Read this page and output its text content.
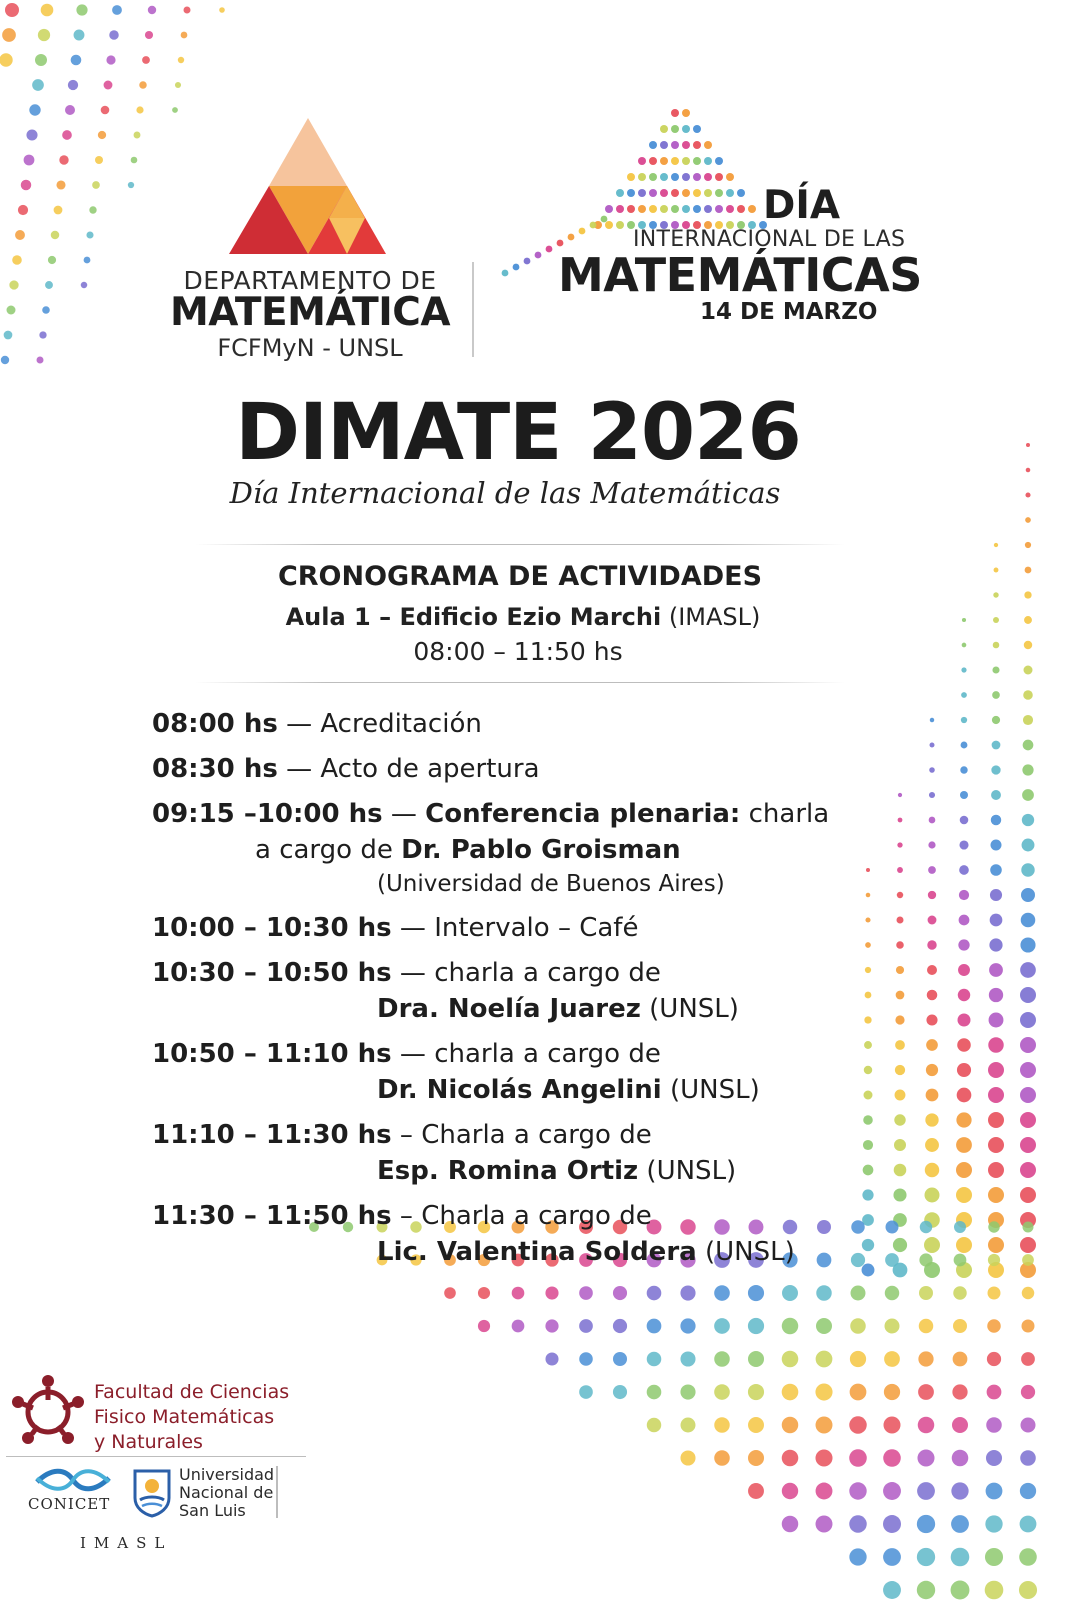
DEPARTAMENTO DE
MATEMÁTICA
FCFMyN - UNSL
DÍA
INTERNACIONAL DE LAS
MATEMÁTICAS
14 DE MARZO
DIMATE 2026
Día Internacional de las Matemáticas
CRONOGRAMA DE ACTIVIDADES
Aula 1 – Edificio Ezio Marchi (IMASL)
08:00 – 11:50 hs
08:00 hs — Acreditación
08:30 hs — Acto de apertura
09:15 –10:00 hs — Conferencia plenaria: charla
a cargo de Dr. Pablo Groisman
(Universidad de Buenos Aires)
10:00 – 10:30 hs — Intervalo – Café
10:30 – 10:50 hs — charla a cargo de
Dra. Noelía Juarez (UNSL)
10:50 – 11:10 hs — charla a cargo de
Dr. Nicolás Angelini (UNSL)
11:10 – 11:30 hs – Charla a cargo de
Esp. Romina Ortiz (UNSL)
11:30 – 11:50 hs – Charla a cargo de
Lic. Valentina Soldera (UNSL)
Facultad de Ciencias
Fisico Matemáticas
y Naturales
CONICET
Universidad
Nacional de
San Luis
IMASL
